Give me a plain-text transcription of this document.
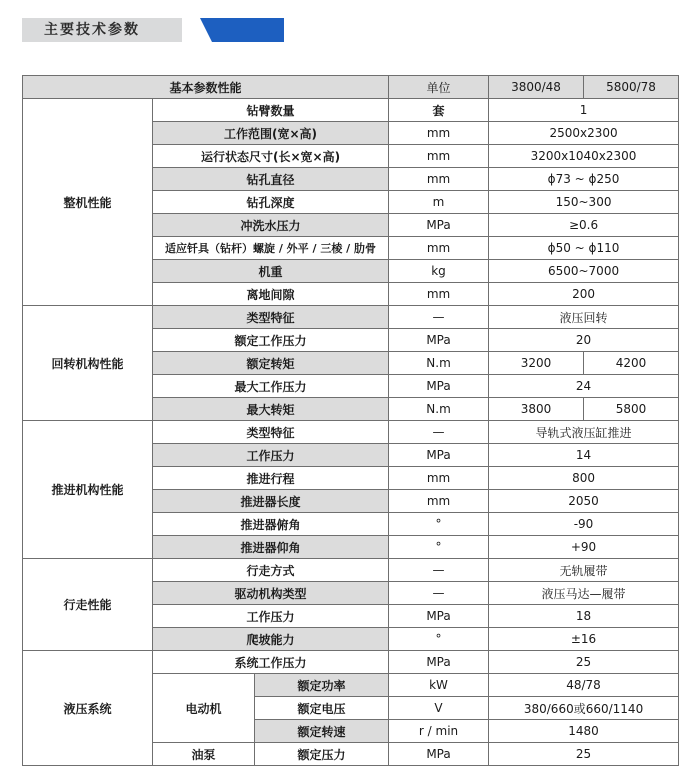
主要技术参数
基本参数性能			单位	3800/48	5800/78
整机性能	钻臂数量		套	1	
	工作范围(宽×高)		mm	2500x2300	
	运行状态尺寸(长×宽×高)		mm	3200x1040x2300	
	钻孔直径		mm	ϕ73 ~ ϕ250	
	钻孔深度		m	150~300	
	冲洗水压力		MPa	≥0.6	
	适应钎具（钻杆）螺旋 / 外平 / 三棱 / 肋骨		mm	ϕ50 ~ ϕ110	
	机重		kg	6500~7000	
	离地间隙		mm	200	
回转机构性能	类型特征		—	液压回转	
	额定工作压力		MPa	20	
	额定转矩		N.m	3200	4200
	最大工作压力		MPa	24	
	最大转矩		N.m	3800	5800
推进机构性能	类型特征		—	导轨式液压缸推进	
	工作压力		MPa	14	
	推进行程		mm	800	
	推进器长度		mm	2050	
	推进器俯角		°	-90	
	推进器仰角		°	+90	
行走性能	行走方式		—	无轨履带	
	驱动机构类型		—	液压马达—履带	
	工作压力		MPa	18	
	爬坡能力		°	±16	
液压系统	系统工作压力		MPa	25	
	电动机	额定功率	kW	48/78	
		额定电压	V	380/660或660/1140	
		额定转速	r / min	1480	
	油泵	额定压力	MPa	25	
